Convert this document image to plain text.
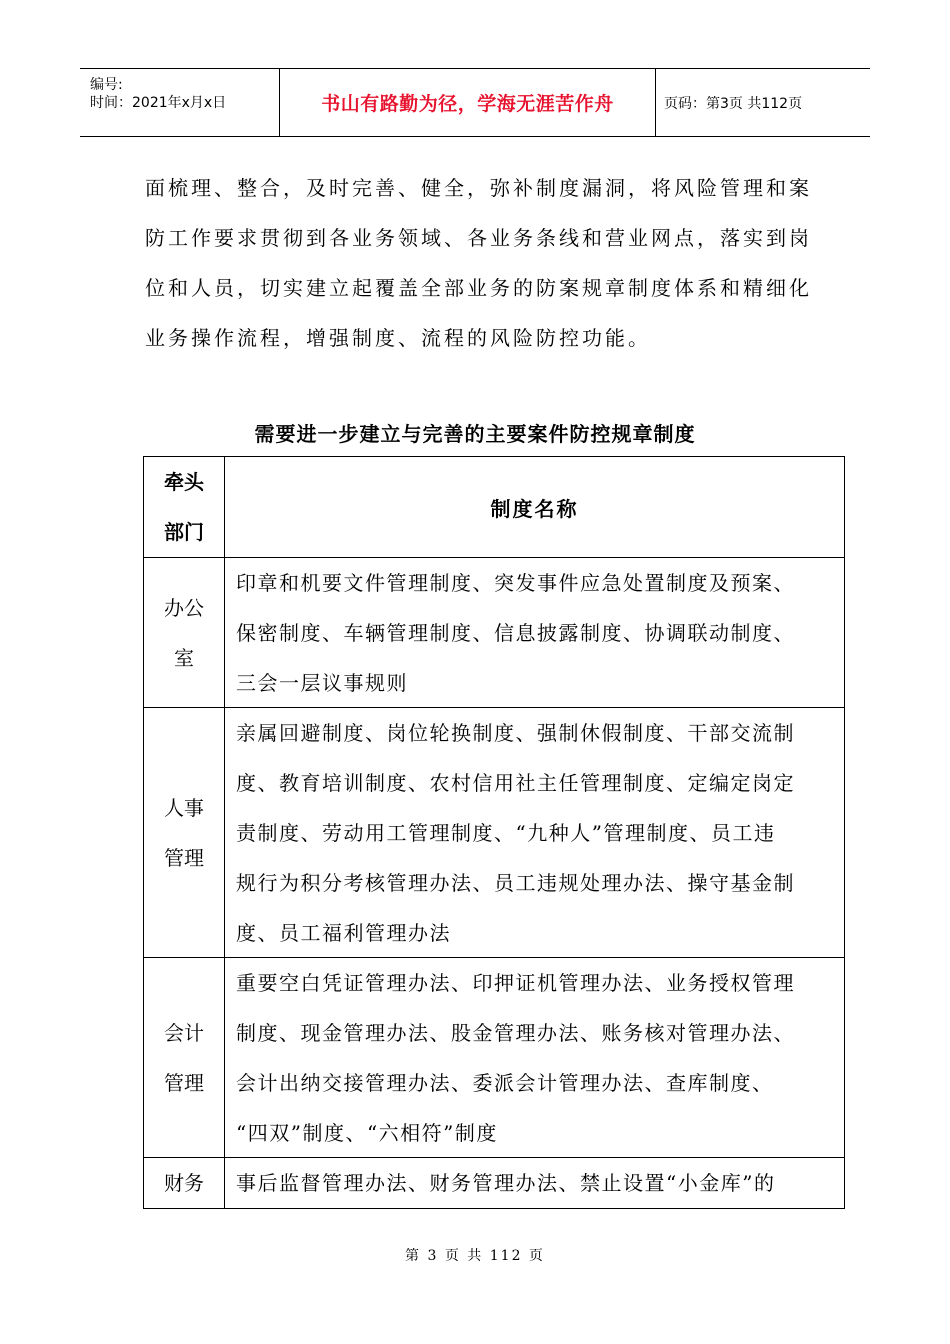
编号:
时间：2021年x月x日	书山有路勤为径，学海无涯苦作舟	页码：第3页 共112页
面梳理、整合，及时完善、健全，弥补制度漏洞，将风险管理和案
防工作要求贯彻到各业务领域、各业务条线和营业网点，落实到岗
位和人员，切实建立起覆盖全部业务的防案规章制度体系和精细化
业务操作流程，增强制度、流程的风险防控功能。
需要进一步建立与完善的主要案件防控规章制度
牵头
部门
制度名称
办公
室
印章和机要文件管理制度、突发事件应急处置制度及预案、
保密制度、车辆管理制度、信息披露制度、协调联动制度、
三会一层议事规则
人事
管理
亲属回避制度、岗位轮换制度、强制休假制度、干部交流制
度、教育培训制度、农村信用社主任管理制度、定编定岗定
责制度、劳动用工管理制度、“九种人”管理制度、员工违
规行为积分考核管理办法、员工违规处理办法、操守基金制
度、员工福利管理办法
会计
管理
重要空白凭证管理办法、印押证机管理办法、业务授权管理
制度、现金管理办法、股金管理办法、账务核对管理办法、
会计出纳交接管理办法、委派会计管理办法、查库制度、
“四双”制度、“六相符”制度
财务 事后监督管理办法、财务管理办法、禁止设置“小金库”的
第 3 页 共 112 页
